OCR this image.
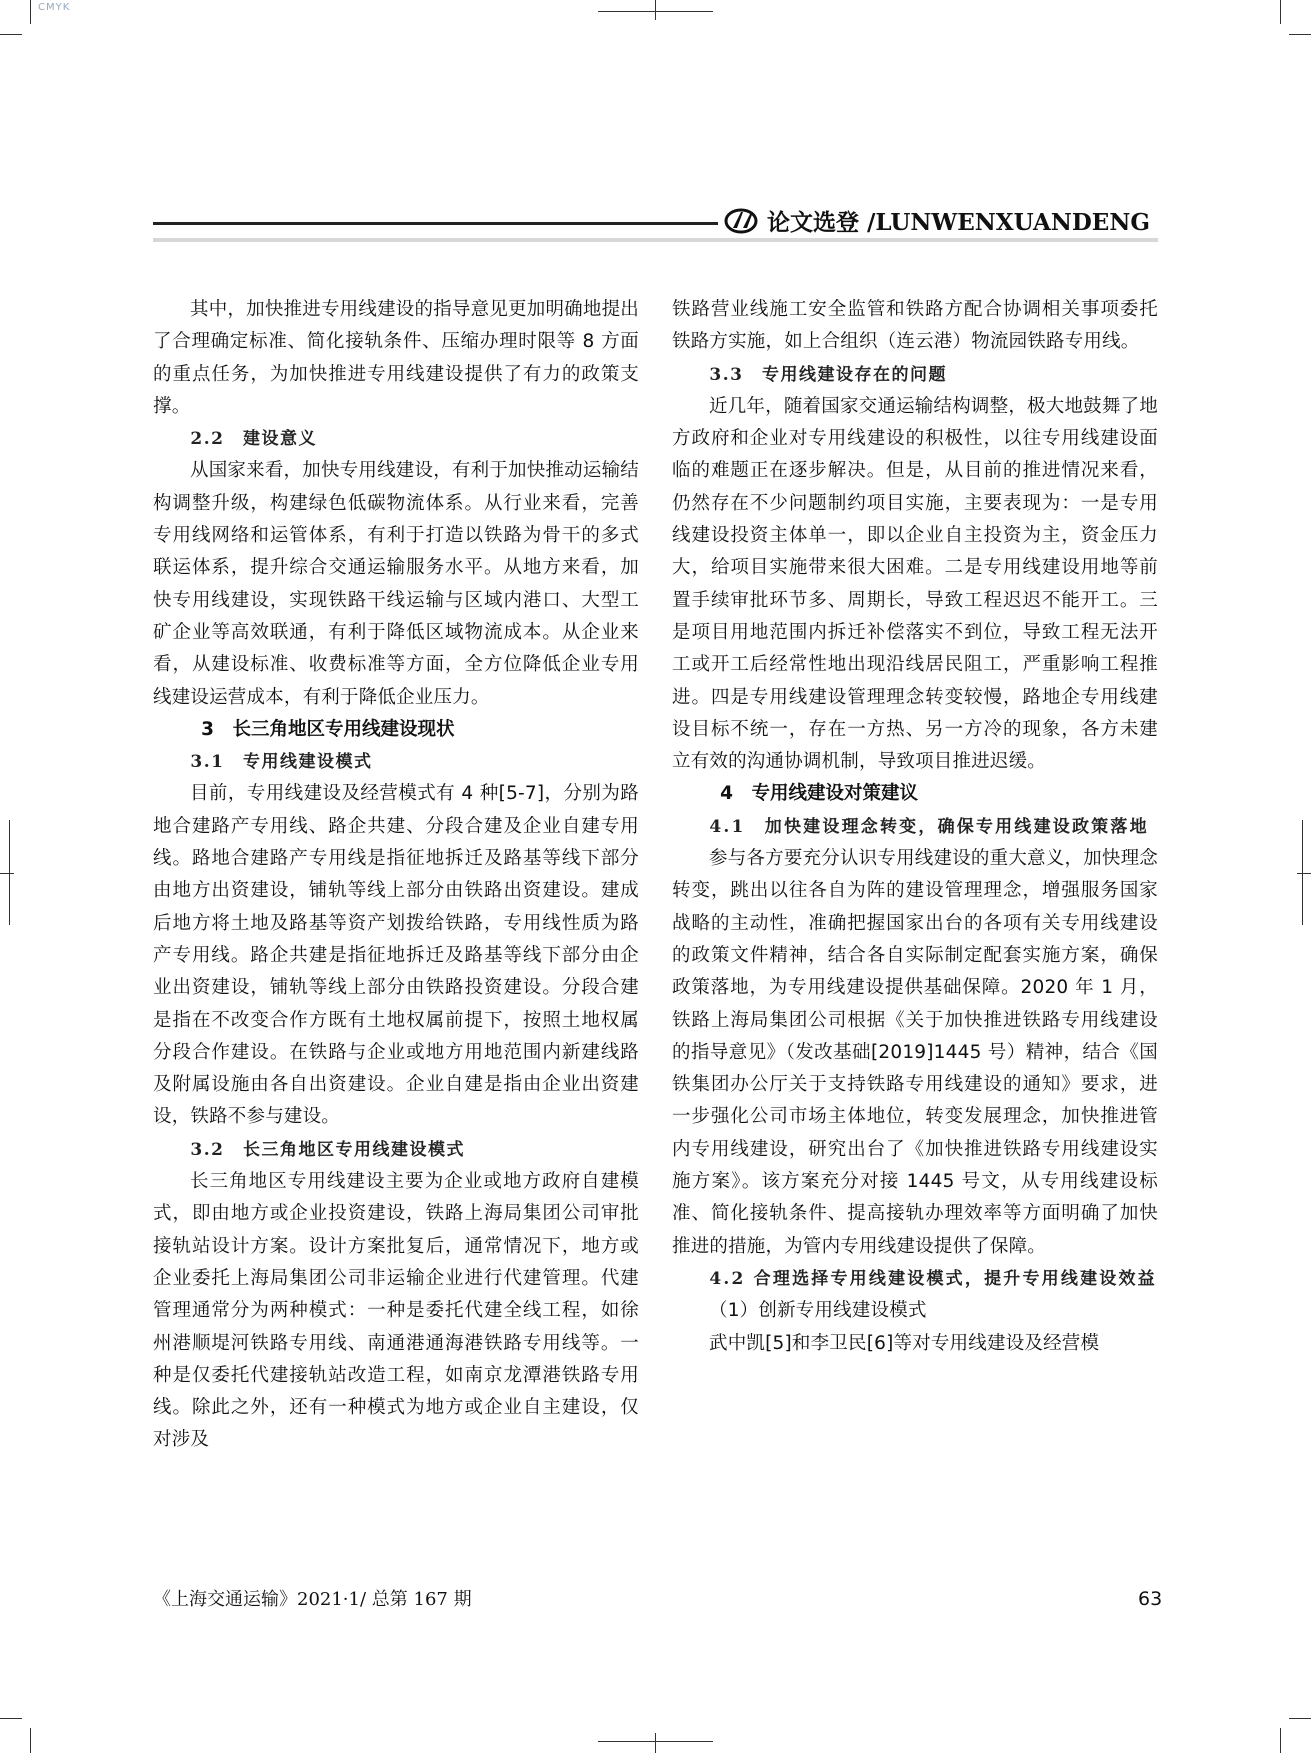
CMYK
论文选登 /LUNWENXUANDENG

其中，加快推进专用线建设的指导意见更加明确地提出了合理确定标准、简化接轨条件、压缩办理时限等 8 方面的重点任务，为加快推进专用线建设提供了有力的政策支撑。

2.2　建设意义

从国家来看，加快专用线建设，有利于加快推动运输结构调整升级，构建绿色低碳物流体系。从行业来看，完善专用线网络和运管体系，有利于打造以铁路为骨干的多式联运体系，提升综合交通运输服务水平。从地方来看，加快专用线建设，实现铁路干线运输与区域内港口、大型工矿企业等高效联通，有利于降低区域物流成本。从企业来看，从建设标准、收费标准等方面，全方位降低企业专用线建设运营成本，有利于降低企业压力。

3　长三角地区专用线建设现状
3.1　专用线建设模式

目前，专用线建设及经营模式有 4 种[5-7]，分别为路地合建路产专用线、路企共建、分段合建及企业自建专用线。路地合建路产专用线是指征地拆迁及路基等线下部分由地方出资建设，铺轨等线上部分由铁路出资建设。建成后地方将土地及路基等资产划拨给铁路，专用线性质为路产专用线。路企共建是指征地拆迁及路基等线下部分由企业出资建设，铺轨等线上部分由铁路投资建设。分段合建是指在不改变合作方既有土地权属前提下，按照土地权属分段合作建设。在铁路与企业或地方用地范围内新建线路及附属设施由各自出资建设。企业自建是指由企业出资建设，铁路不参与建设。

3.2　长三角地区专用线建设模式

长三角地区专用线建设主要为企业或地方政府自建模式，即由地方或企业投资建设，铁路上海局集团公司审批接轨站设计方案。设计方案批复后，通常情况下，地方或企业委托上海局集团公司非运输企业进行代建管理。代建管理通常分为两种模式：一种是委托代建全线工程，如徐州港顺堤河铁路专用线、南通港通海港铁路专用线等。一种是仅委托代建接轨站改造工程，如南京龙潭港铁路专用线。除此之外，还有一种模式为地方或企业自主建设，仅对涉及

铁路营业线施工安全监管和铁路方配合协调相关事项委托铁路方实施，如上合组织（连云港）物流园铁路专用线。

3.3　专用线建设存在的问题

近几年，随着国家交通运输结构调整，极大地鼓舞了地方政府和企业对专用线建设的积极性，以往专用线建设面临的难题正在逐步解决。但是，从目前的推进情况来看，仍然存在不少问题制约项目实施，主要表现为：一是专用线建设投资主体单一，即以企业自主投资为主，资金压力大，给项目实施带来很大困难。二是专用线建设用地等前置手续审批环节多、周期长，导致工程迟迟不能开工。三是项目用地范围内拆迁补偿落实不到位，导致工程无法开工或开工后经常性地出现沿线居民阻工，严重影响工程推进。四是专用线建设管理理念转变较慢，路地企专用线建设目标不统一，存在一方热、另一方冷的现象，各方未建立有效的沟通协调机制，导致项目推进迟缓。

4　专用线建设对策建议
4.1　加快建设理念转变，确保专用线建设政策落地

参与各方要充分认识专用线建设的重大意义，加快理念转变，跳出以往各自为阵的建设管理理念，增强服务国家战略的主动性，准确把握国家出台的各项有关专用线建设的政策文件精神，结合各自实际制定配套实施方案，确保政策落地，为专用线建设提供基础保障。2020 年 1 月，铁路上海局集团公司根据《关于加快推进铁路专用线建设的指导意见》（发改基础[2019]1445 号）精神，结合《国铁集团办公厅关于支持铁路专用线建设的通知》要求，进一步强化公司市场主体地位，转变发展理念，加快推进管内专用线建设，研究出台了《加快推进铁路专用线建设实施方案》。该方案充分对接 1445 号文，从专用线建设标准、简化接轨条件、提高接轨办理效率等方面明确了加快推进的措施，为管内专用线建设提供了保障。

4.2 合理选择专用线建设模式，提升专用线建设效益

（1）创新专用线建设模式

武中凯[5]和李卫民[6]等对专用线建设及经营模

《上海交通运输》2021·1/ 总第 167 期	63
